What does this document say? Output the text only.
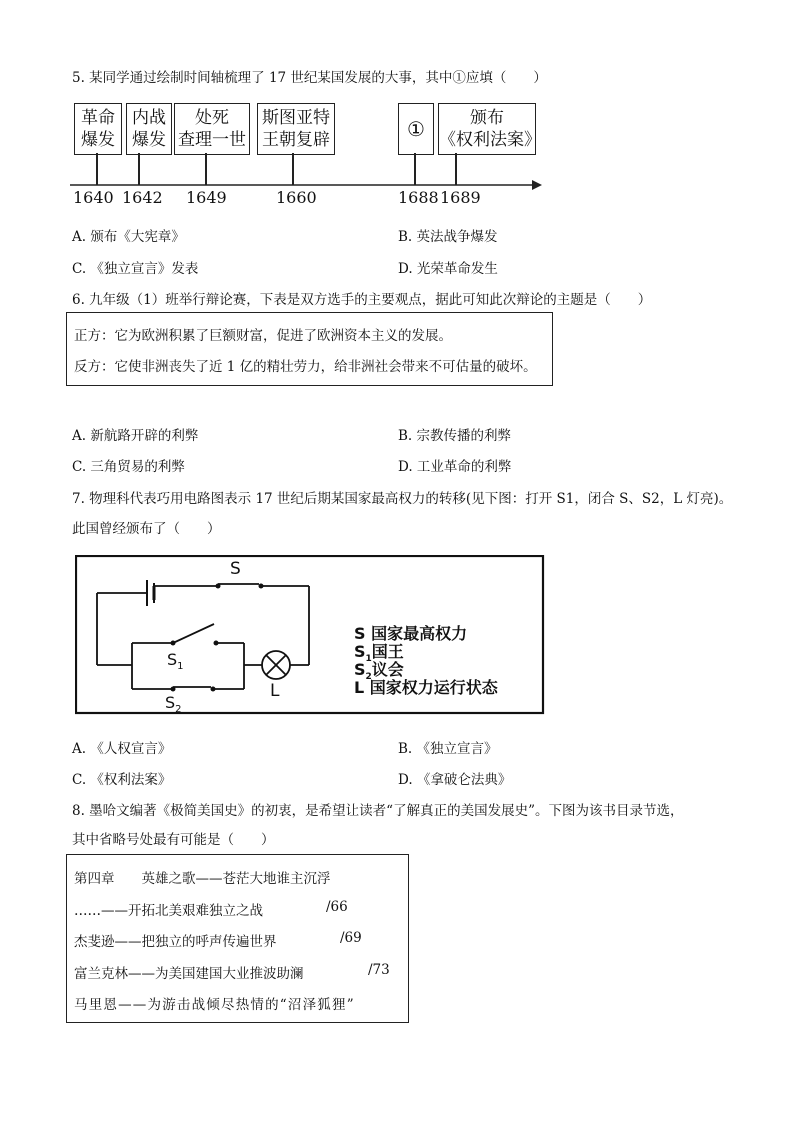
5. 某同学通过绘制时间轴梳理了 17 世纪某国发展的大事，其中①应填（　　）
革命
爆发
内战
爆发
处死
查理一世
斯图亚特
王朝复辟	①	颁布
《权利法案》
1640 1642 1649	1660	1688 1689
A. 颁布《大宪章》	B. 英法战争爆发
C. 《独立宣言》发表	D. 光荣革命发生
6. 九年级（1）班举行辩论赛，下表是双方选手的主要观点，据此可知此次辩论的主题是（　　）
正方：它为欧洲积累了巨额财富，促进了欧洲资本主义的发展。
反方：它使非洲丧失了近 1 亿的精壮劳力，给非洲社会带来不可估量的破坏。
A. 新航路开辟的利弊	B. 宗教传播的利弊
C. 三角贸易的利弊	D. 工业革命的利弊
7. 物理科代表巧用电路图表示 17 世纪后期某国家最高权力的转移(见下图：打开 S1，闭合 S、S2，L 灯亮)。
此国曾经颁布了（　　）
S
$S_1$
$S_2$
L
S 国家最高权力
$S_1$国王
$S_2$议会
L 国家权力运行状态
A. 《人权宣言》	B. 《独立宣言》
C. 《权利法案》	D. 《拿破仑法典》
8. 墨哈文编著《极简美国史》的初衷，是希望让读者“了解真正的美国发展史”。下图为该书目录节选，
其中省略号处最有可能是（　　）
第四章　　英雄之歌——苍茫大地谁主沉浮
……——开拓北美艰难独立之战	/66
杰斐逊——把独立的呼声传遍世界	/69
富兰克林——为美国建国大业推波助澜	/73
马里恩——为游击战倾尽热情的“沼泽狐狸”
